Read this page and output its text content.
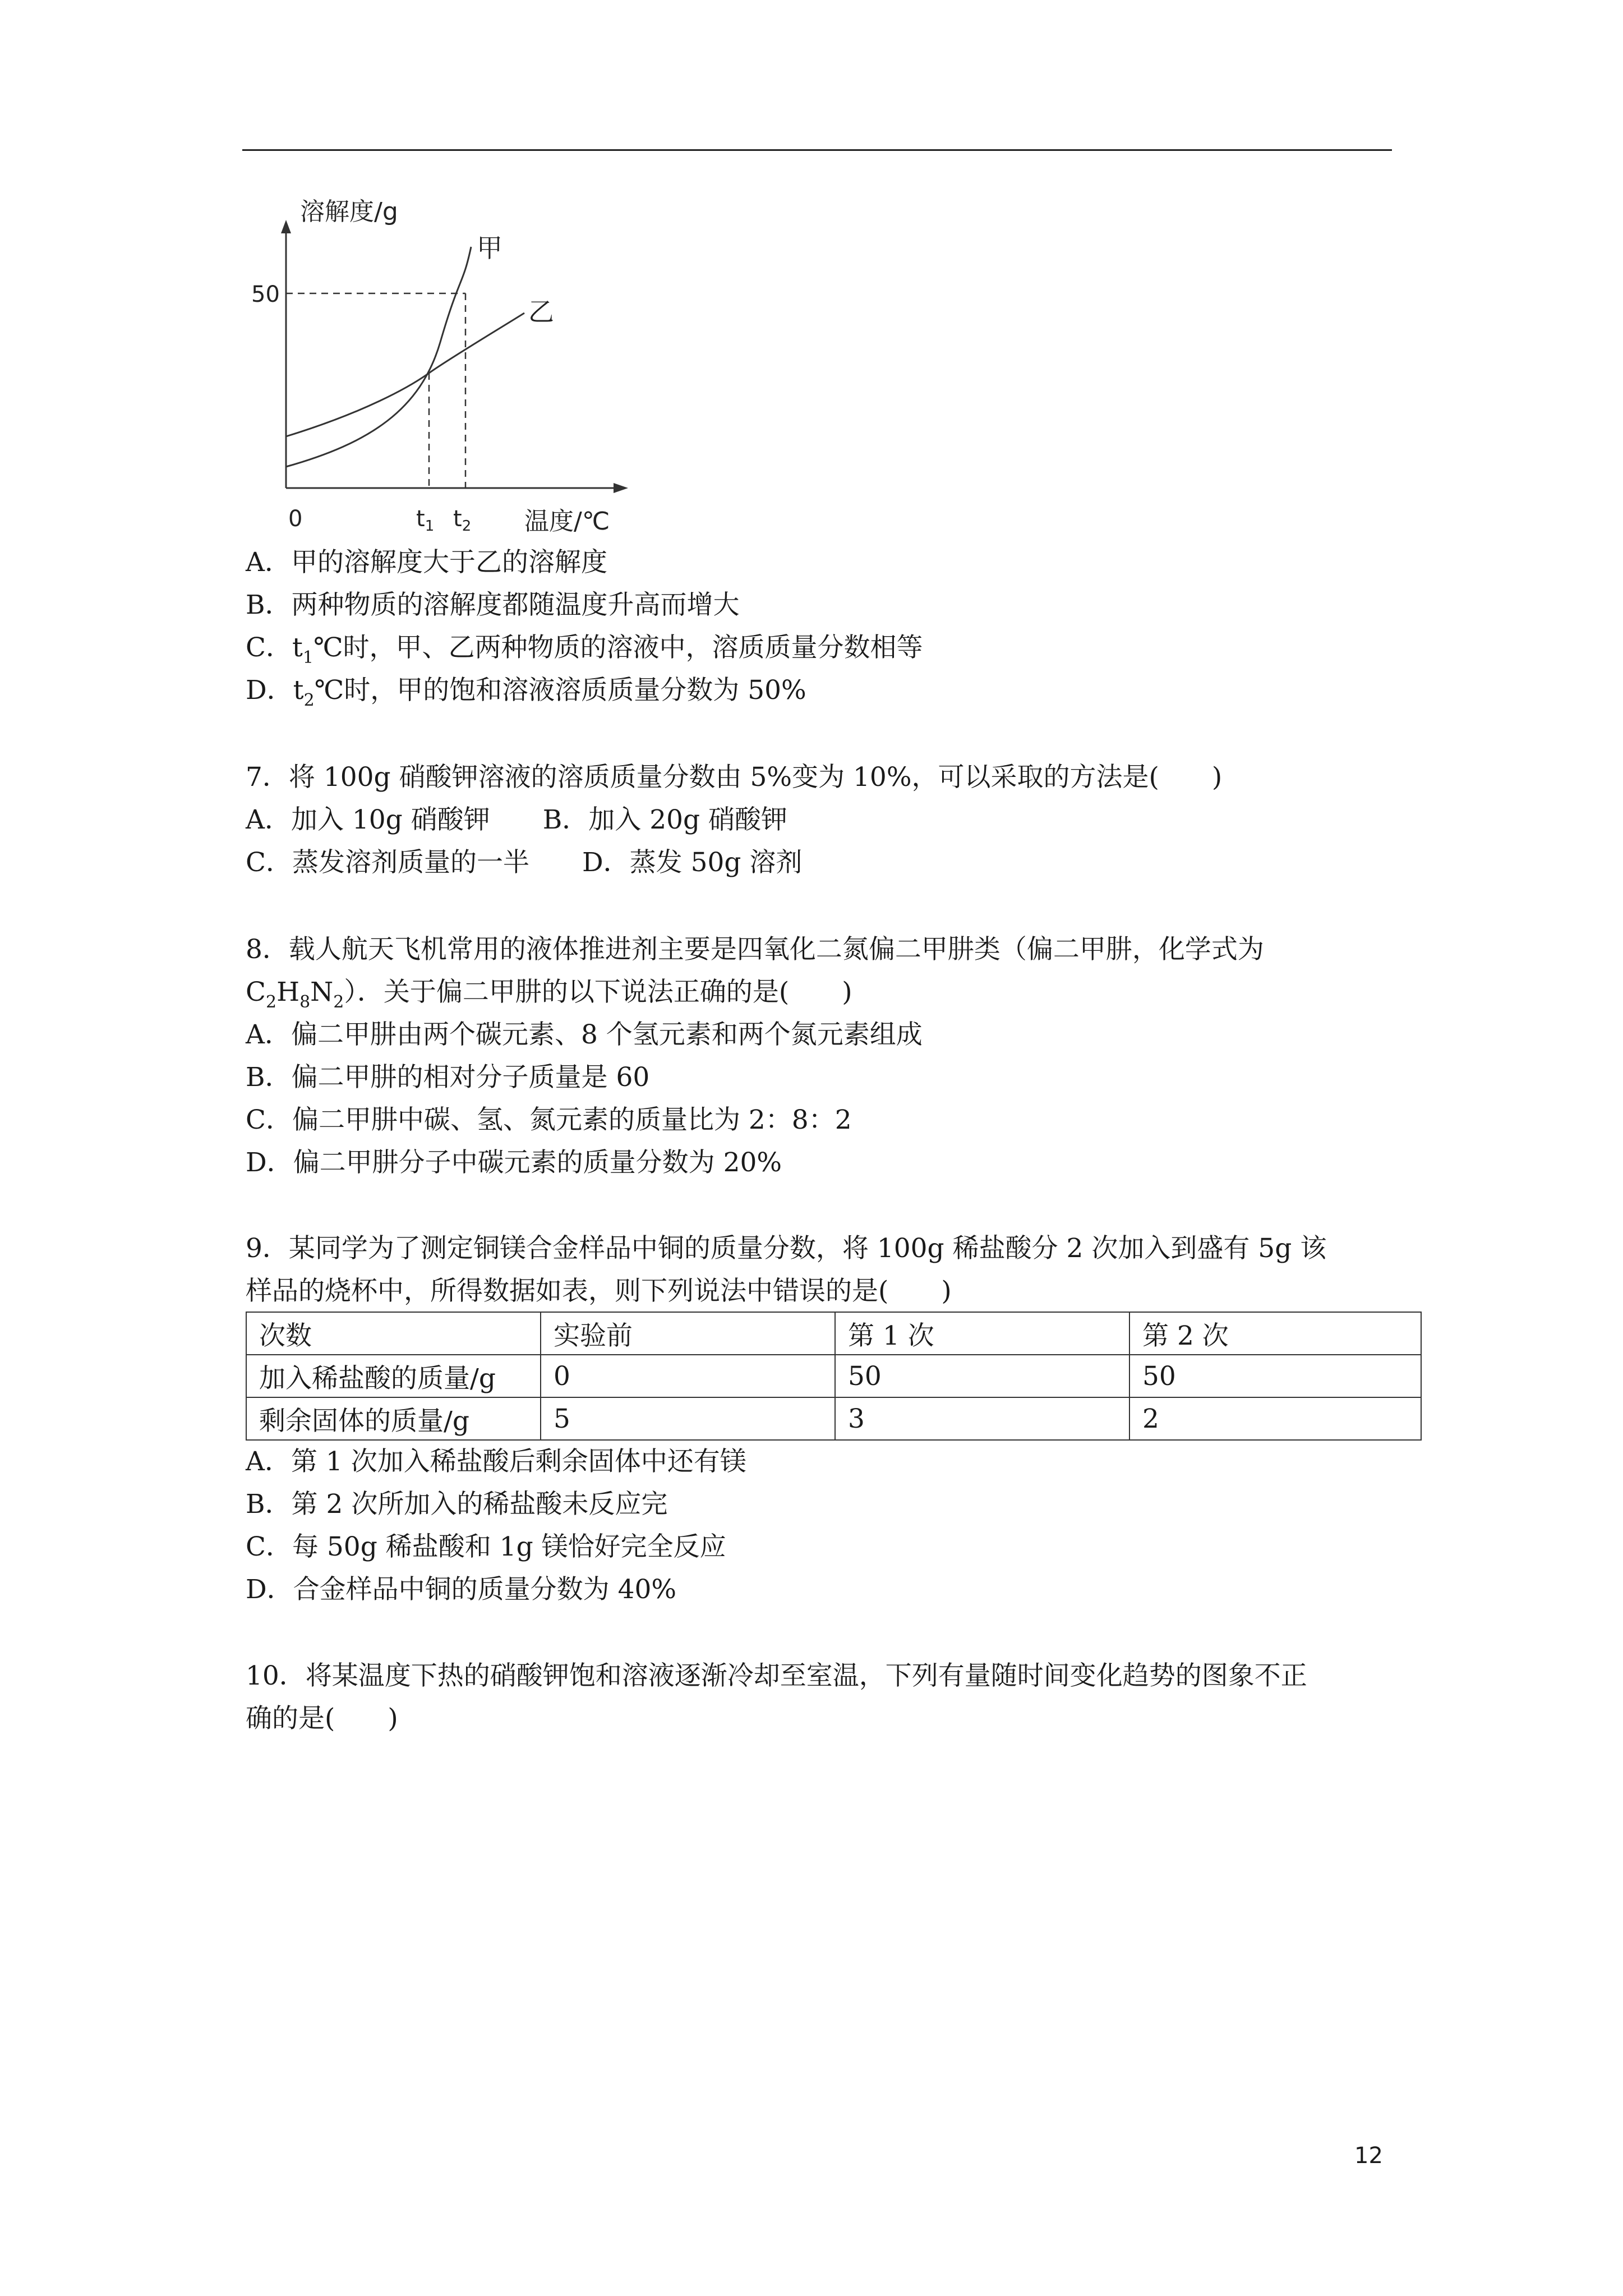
溶解度/g
甲
乙
50
0	$t_1$ $t_2$ 温度/℃
A．甲的溶解度大于乙的溶解度
B．两种物质的溶解度都随温度升高而增大
C．$t_1℃$时，甲、乙两种物质的溶液中，溶质质量分数相等
D．$t_2℃$时，甲的饱和溶液溶质质量分数为 50%
7．将 100g 硝酸钾溶液的溶质质量分数由 5%变为 10%，可以采取的方法是(　　)
A．加入 10g 硝酸钾　　B．加入 20g 硝酸钾
C．蒸发溶剂质量的一半　　D．蒸发 50g 溶剂
8．载人航天飞机常用的液体推进剂主要是四氧化二氮偏二甲肼类（偏二甲肼，化学式为
$C_2H_8N_2$）．关于偏二甲肼的以下说法正确的是(　　)
A．偏二甲肼由两个碳元素、8 个氢元素和两个氮元素组成
B．偏二甲肼的相对分子质量是 60
C．偏二甲肼中碳、氢、氮元素的质量比为 2：8：2
D．偏二甲肼分子中碳元素的质量分数为 20%
9．某同学为了测定铜镁合金样品中铜的质量分数，将 100g 稀盐酸分 2 次加入到盛有 5g 该
样品的烧杯中，所得数据如表，则下列说法中错误的是(　　)
次数	实验前	第 1 次	第 2 次
加入稀盐酸的质量/g	0	50	50
剩余固体的质量/g	5	3	2
A．第 1 次加入稀盐酸后剩余固体中还有镁
B．第 2 次所加入的稀盐酸未反应完
C．每 50g 稀盐酸和 1g 镁恰好完全反应
D．合金样品中铜的质量分数为 40%
10．将某温度下热的硝酸钾饱和溶液逐渐冷却至室温，下列有量随时间变化趋势的图象不正
确的是(　　)
12
